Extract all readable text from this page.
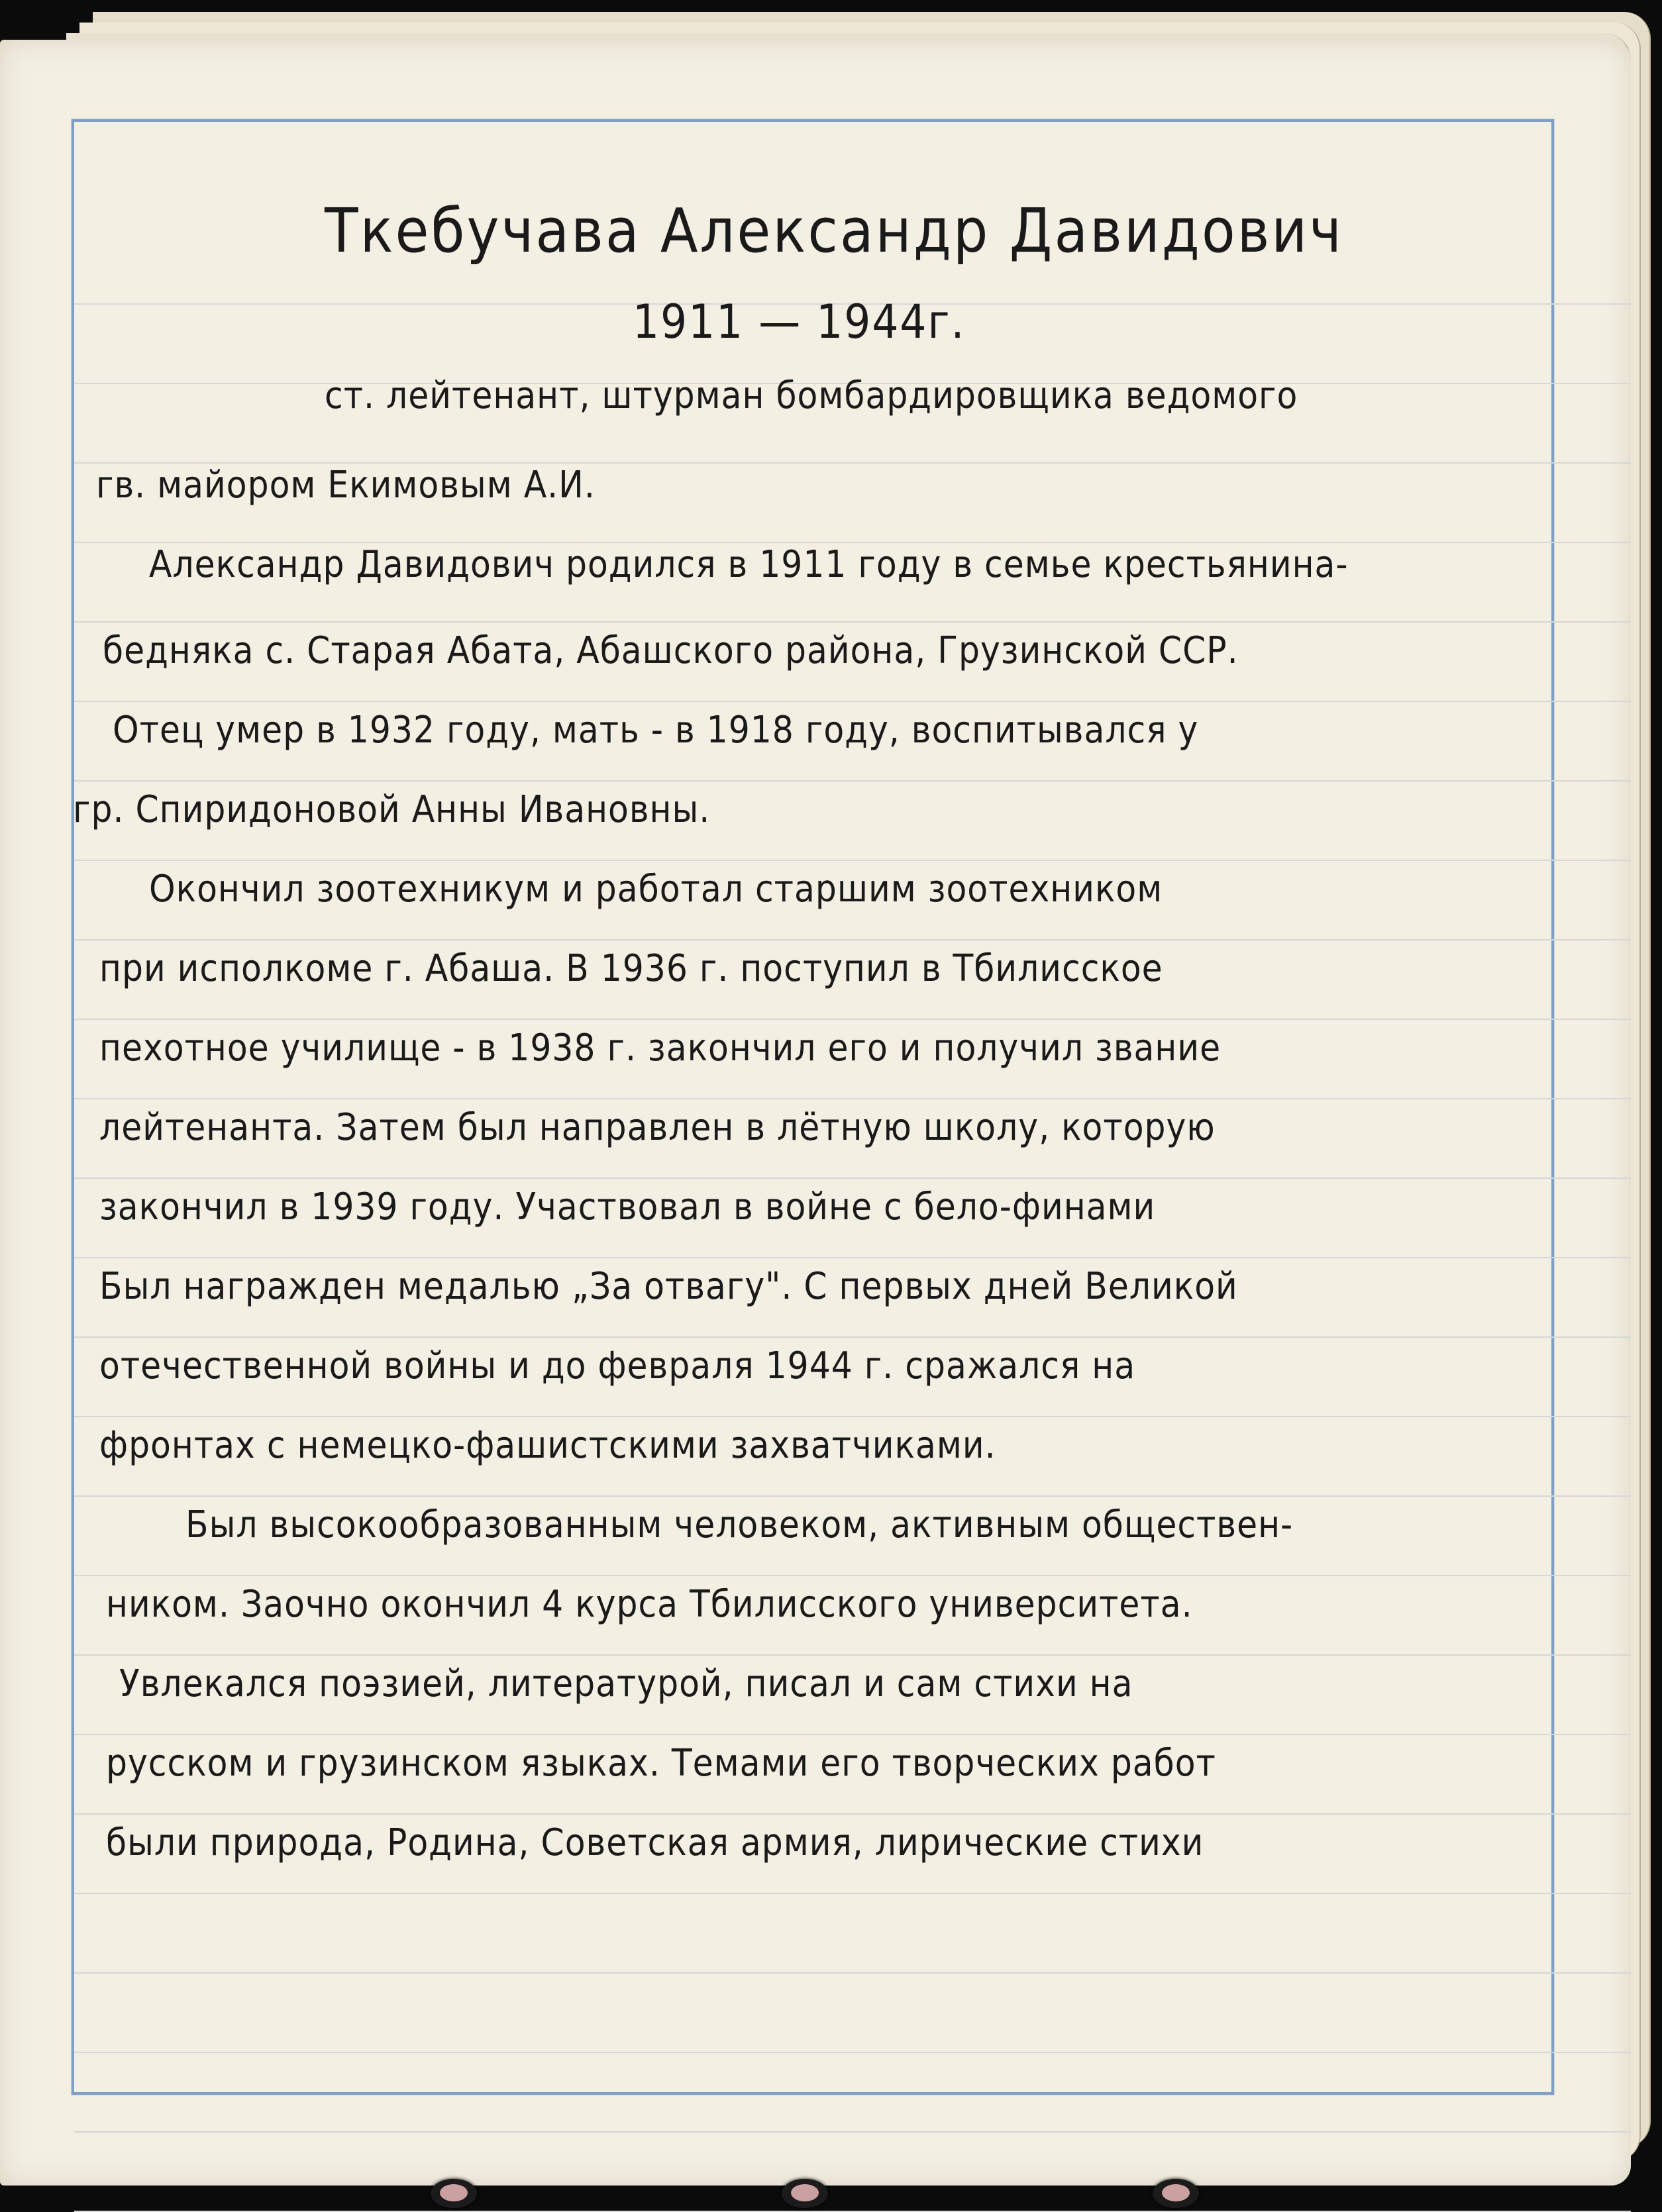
Ткебучава Александр Давидович
1911 — 1944г.
ст. лейтенант, штурман бомбардировщика ведомого
гв. майором Екимовым А.И.
Александр Давидович родился в 1911 году в семье крестьянина-
бедняка с. Старая Абата, Абашского района, Грузинской ССР.
Отец умер в 1932 году, мать - в 1918 году, воспитывался у
гр. Спиридоновой Анны Ивановны.
Окончил зоотехникум и работал старшим зоотехником
при исполкоме г. Абаша. В 1936 г. поступил в Тбилисское
пехотное училище - в 1938 г. закончил его и получил звание
лейтенанта. Затем был направлен в лётную школу, которую
закончил в 1939 году. Участвовал в войне с бело-финами
Был награжден медалью „За отвагу". С первых дней Великой
отечественной войны и до февраля 1944 г. сражался на
фронтах с немецко-фашистскими захватчиками.
Был высокообразованным человеком, активным обществен-
ником. Заочно окончил 4 курса Тбилисского университета.
Увлекался поэзией, литературой, писал и сам стихи на
русском и грузинском языках. Темами его творческих работ
были природа, Родина, Советская армия, лирические стихи
